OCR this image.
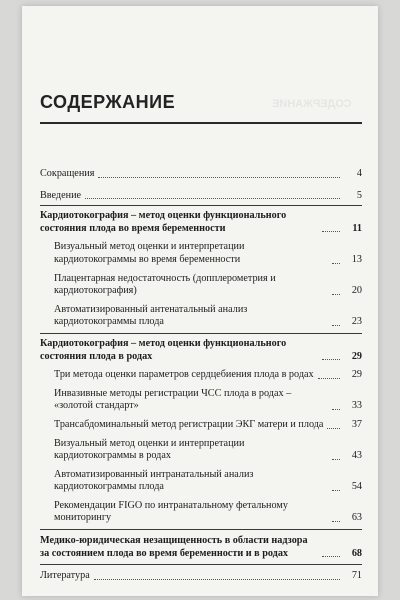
СОДЕРЖАНИЕ
СОДЕРЖАНИЕ
Сокращения	4
Введение	5
Кардиотокография – метод оценки функционального состояния плода во время беременности	11
Визуальный метод оценки и интерпретации кардиотокограммы во время беременности	13
Плацентарная недостаточность (допплерометрия и кардиотокография)	20
Автоматизированный антенатальный анализ кардиотокограммы плода	23
Кардиотокография – метод оценки функционального состояния плода в родах	29
Три метода оценки параметров сердцебиения плода в родах	29
Инвазивные методы регистрации ЧСС плода в родах – «золотой стандарт»	33
Трансабдоминальный метод регистрации ЭКГ матери и плода	37
Визуальный метод оценки и интерпретации кардиотокограммы в родах	43
Автоматизированный интранатальный анализ кардиотокограммы плода	54
Рекомендации FIGO по интранатальному фетальному мониторингу	63
Медико-юридическая незащищенность в области надзора за состоянием плода во время беременности и в родах	68
Литература	71
